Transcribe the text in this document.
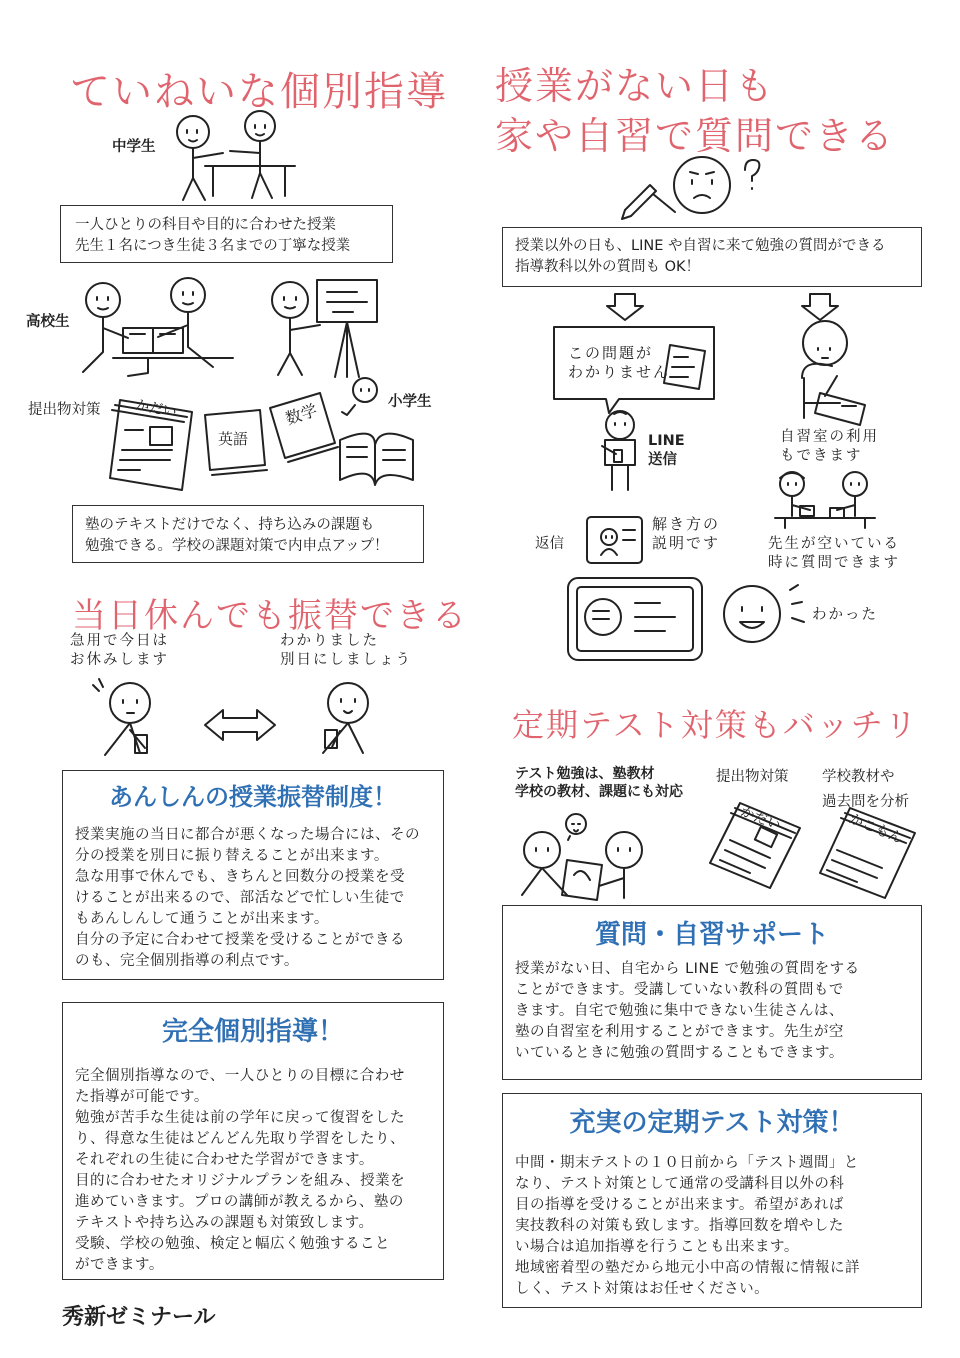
ていねいな個別指導
中学生
一人ひとりの科目や目的に合わせた授業
先生１名につき生徒３名までの丁寧な授業
高校生
提出物対策	小学生
かだい
英語
数学
塾のテキストだけでなく、持ち込みの課題も
勉強できる。学校の課題対策で内申点アップ！
当日休んでも振替できる
急用で今日は
お休みします
わかりました
別日にしましょう
あんしんの授業振替制度！
授業実施の当日に都合が悪くなった場合には、その
分の授業を別日に振り替えることが出来ます。
急な用事で休んでも、きちんと回数分の授業を受
けることが出来るので、部活などで忙しい生徒で
もあんしんして通うことが出来ます。
自分の予定に合わせて授業を受けることができる
のも、完全個別指導の利点です。
完全個別指導！
完全個別指導なので、一人ひとりの目標に合わせ
た指導が可能です。
勉強が苦手な生徒は前の学年に戻って復習をした
り、得意な生徒はどんどん先取り学習をしたり、
それぞれの生徒に合わせた学習ができます。
目的に合わせたオリジナルプランを組み、授業を
進めていきます。プロの講師が教えるから、塾の
テキストや持ち込みの課題も対策致します。
受験、学校の勉強、検定と幅広く勉強すること
ができます。
秀新ゼミナール
授業がない日も
家や自習で質問できる
授業以外の日も、LINE や自習に来て勉強の質問ができる
指導教科以外の質問も OK！
この問題が
わかりません
LINE
送信
自習室の利用
もできます
返信
解き方の
説明です	先生が空いている
時に質問できます
わかった
定期テスト対策もバッチリ
テスト勉強は、塾教材
学校の教材、課題にも対応
提出物対策 学校教材や
過去問を分析
かだい	かこもん
質問・自習サポート
授業がない日、自宅から LINE で勉強の質問をする
ことができます。受講していない教科の質問もで
きます。自宅で勉強に集中できない生徒さんは、
塾の自習室を利用することができます。先生が空
いているときに勉強の質問することもできます。
充実の定期テスト対策！
中間・期末テストの１０日前から「テスト週間」と
なり、テスト対策として通常の受講科目以外の科
目の指導を受けることが出来ます。希望があれば
実技教科の対策も致します。指導回数を増やした
い場合は追加指導を行うことも出来ます。
地域密着型の塾だから地元小中高の情報に情報に詳
しく、テスト対策はお任せください。
